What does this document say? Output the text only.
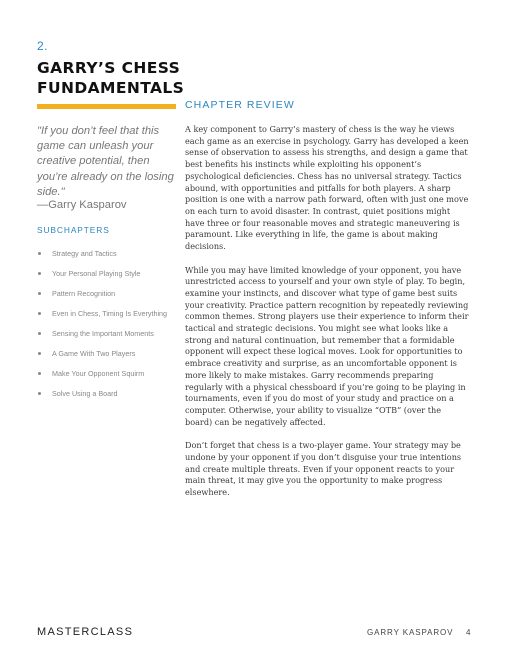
2.
GARRY’S CHESS FUNDAMENTALS
CHAPTER REVIEW
"If you don’t feel that this game can unleash your creative potential, then you’re already on the losing side."
—Garry Kasparov
SUBCHAPTERS
Strategy and Tactics
Your Personal Playing Style
Pattern Recognition
Even in Chess, Timing Is Everything
Sensing the Important Moments
A Game With Two Players
Make Your Opponent Squirm
Solve Using a Board

A key component to Garry’s mastery of chess is the way he views each game as an exercise in psychology. Garry has developed a keen sense of observation to assess his strengths, and design a game that best benefits his instincts while exploiting his opponent’s psychological deficiencies. Chess has no universal strategy. Tactics abound, with opportunities and pitfalls for both players. A sharp position is one with a narrow path forward, often with just one move on each turn to avoid disaster. In contrast, quiet positions might have three or four reasonable moves and strategic maneuvering is paramount. Like everything in life, the game is about making decisions.

While you may have limited knowledge of your opponent, you have unrestricted access to yourself and your own style of play. To begin, examine your instincts, and discover what type of game best suits your creativity. Practice pattern recognition by repeatedly reviewing common themes. Strong players use their experience to inform their tactical and strategic decisions. You might see what looks like a strong and natural continuation, but remember that a formidable opponent will expect these logical moves. Look for opportunities to embrace creativity and surprise, as an uncomfortable opponent is more likely to make mistakes. Garry recommends preparing regularly with a physical chessboard if you’re going to be playing in tournaments, even if you do most of your study and practice on a computer. Otherwise, your ability to visualize “OTB” (over the board) can be negatively affected.

Don’t forget that chess is a two-player game. Your strategy may be undone by your opponent if you don’t disguise your true intentions and create multiple threats. Even if your opponent reacts to your main threat, it may give you the opportunity to make progress elsewhere.

MASTERCLASS	GARRY KASPAROV 4
